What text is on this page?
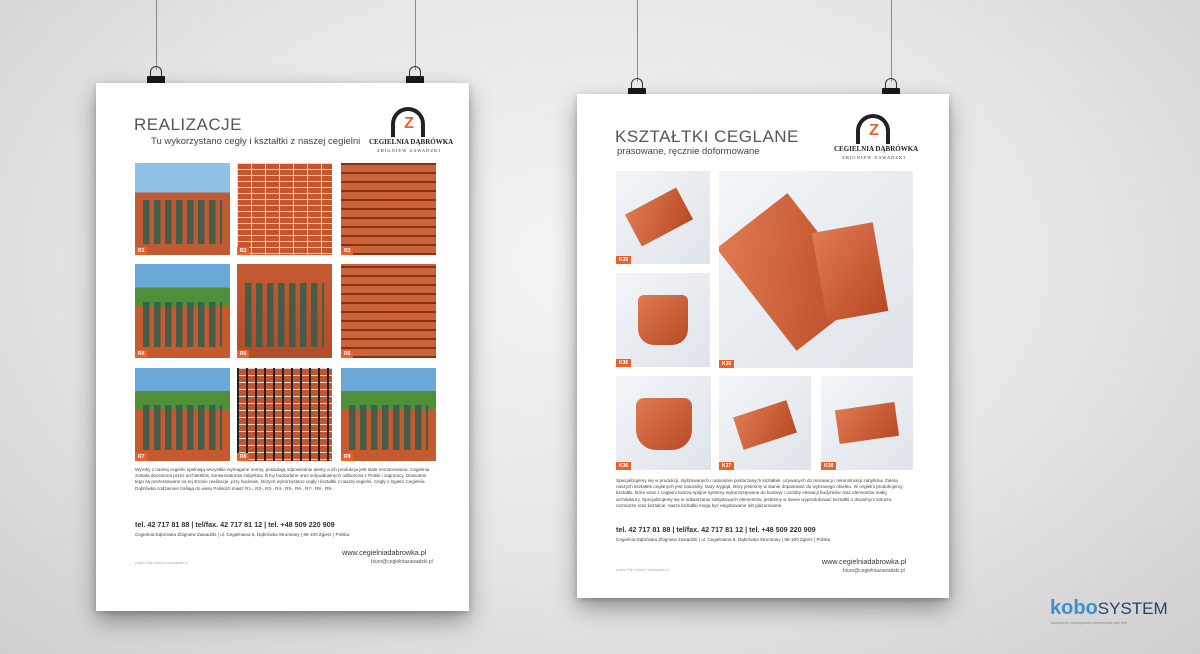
REALIZACJE
Tu wykorzystano cegły i kształtki z naszej cegielni
Z
CEGIELNIA DĄBRÓWKA
ZBIGNIEW ZAWADZKI
R1	R2	R3
R4	R5	R6
R7	R8	R9
Wyroby z naszej cegielni spełniają wszystkie wymagane normy, posiadają odpowiednie atesty a ich produkcja jest stale monitorowana. Cegielnia została doceniona przez architektów, konserwatorów zabytków, firmy budowlane oraz indywidualnych odbiorców z Polski i zagranicy. Dowodem tego są prezentowane na tej stronie realizacje, przy budowie, których wykorzystano cegły i kształtki z naszej cegielni. Cegły z logiem Cegielnia Dąbrówka codziennie trafiają do wielu Polskich miast: R1-, R2-, R3-, R4-, R5-, R6-, R7-, R8-, R9-.
tel. 42 717 81 88 | tel/fax. 42 717 81 12 | tel. +48 509 220 909
Cegielnia Dąbrówka Zbigniew Zawadzki | ul. Cegielniana 6, Dąbrówka Strumiany | 95-100 Zgierz | Polska
www.cegielniadabrowka.pl
biuro@cegielniazawadzki.pl
projekt: Filip Kolonko | kobosystem.pl
KSZTAŁTKI CEGLANE
prasowane, ręcznie doformowane
Z
CEGIELNIA DĄBRÓWKA
ZBIGNIEW ZAWADZKI
K35
K35
K36
K36	K37	K38
Specjalizujemy się w produkcji, stylizowanych i naturalnie postarzanych kształtek, używanych do renowacji i rekonstrukcji zabytków. Zaletą naszych kształtek ceglanych jest naturalny, stary wygląd, który jesteśmy w stanie dopasować do wybranego obiektu. W cegielni produkujemy: kształtki, które wraz z cegłami tworzą spójne systemy wykorzystywane do budowy i ozdoby elewacji budynków oraz elementów małej architektury. Specjalizujemy się w odtwarzaniu zabytkowych elementów, jesteśmy w stanie wyprodukować kształtki o dowolnym kolorze, rozmiarze oraz kształcie, nasze kształtki mogą być angobowane lub glazurowane.
tel. 42 717 81 88 | tel/fax. 42 717 81 12 | tel. +48 509 220 909
Cegielnia Dąbrówka Zbigniew Zawadzki | ul. Cegielniana 6, Dąbrówka Strumiany | 95-100 Zgierz | Polska
www.cegielniadabrowka.pl
biuro@cegielniazawadzki.pl
projekt: Filip Kolonko | kobosystem.pl
koboSYSTEM
skuteczne rozwiązania internetowe dla firm
